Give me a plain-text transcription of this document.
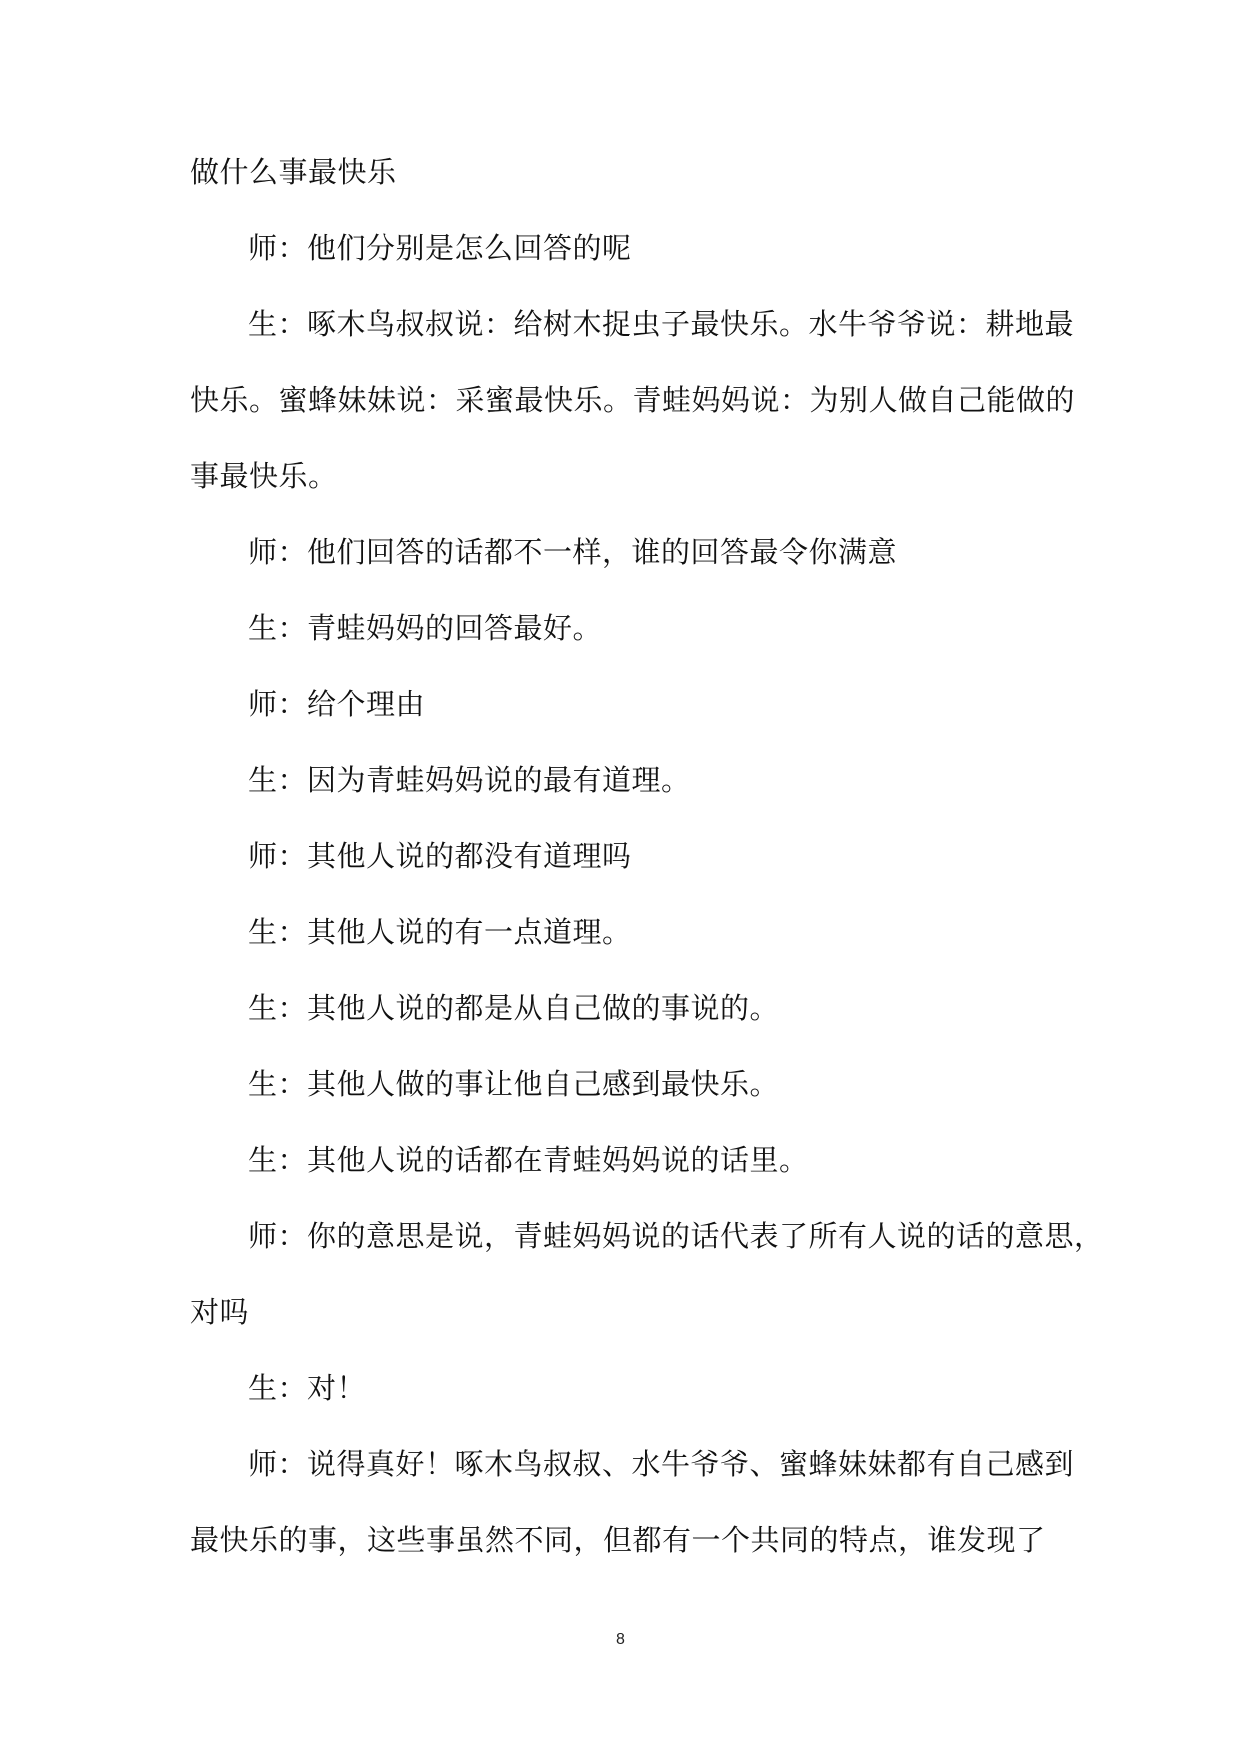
做什么事最快乐
师：他们分别是怎么回答的呢
生：啄木鸟叔叔说：给树木捉虫子最快乐。水牛爷爷说：耕地最
快乐。蜜蜂妹妹说：采蜜最快乐。青蛙妈妈说：为别人做自己能做的
事最快乐。
师：他们回答的话都不一样，谁的回答最令你满意
生：青蛙妈妈的回答最好。
师：给个理由
生：因为青蛙妈妈说的最有道理。
师：其他人说的都没有道理吗
生：其他人说的有一点道理。
生：其他人说的都是从自己做的事说的。
生：其他人做的事让他自己感到最快乐。
生：其他人说的话都在青蛙妈妈说的话里。
师：你的意思是说，青蛙妈妈说的话代表了所有人说的话的意思，
对吗
生：对！
师：说得真好！啄木鸟叔叔、水牛爷爷、蜜蜂妹妹都有自己感到
最快乐的事，这些事虽然不同，但都有一个共同的特点，谁发现了
8
